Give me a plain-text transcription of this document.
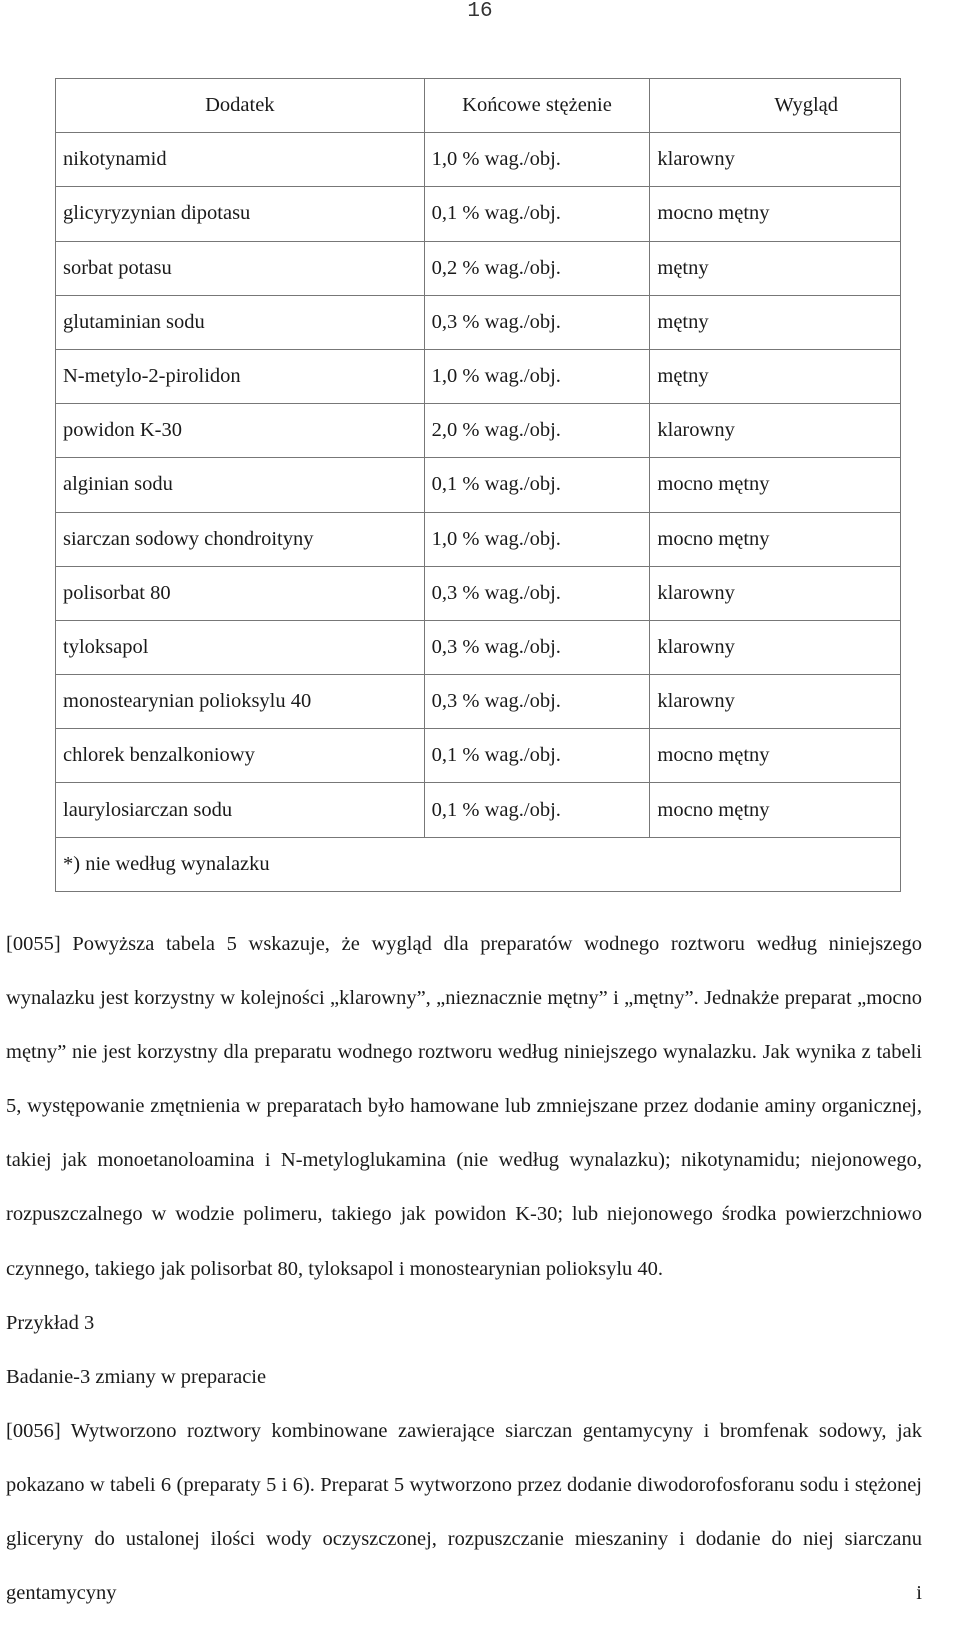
16
Dodatek	Końcowe stężenie	Wygląd
nikotynamid	1,0 % wag./obj.	klarowny
glicyryzynian dipotasu	0,1 % wag./obj.	mocno mętny
sorbat potasu	0,2 % wag./obj.	mętny
glutaminian sodu	0,3 % wag./obj.	mętny
N-metylo-2-pirolidon	1,0 % wag./obj.	mętny
powidon K-30	2,0 % wag./obj.	klarowny
alginian sodu	0,1 % wag./obj.	mocno mętny
siarczan sodowy chondroityny	1,0 % wag./obj.	mocno mętny
polisorbat 80	0,3 % wag./obj.	klarowny
tyloksapol	0,3 % wag./obj.	klarowny
monostearynian polioksylu 40	0,3 % wag./obj.	klarowny
chlorek benzalkoniowy	0,1 % wag./obj.	mocno mętny
laurylosiarczan sodu	0,1 % wag./obj.	mocno mętny
*) nie według wynalazku		

[0055] Powyższa tabela 5 wskazuje, że wygląd dla preparatów wodnego roztworu według niniejszego wynalazku jest korzystny w kolejności „klarowny”, „nieznacznie mętny” i „mętny”. Jednakże preparat „mocno mętny” nie jest korzystny dla preparatu wodnego roztworu według niniejszego wynalazku. Jak wynika z tabeli 5, występowanie zmętnienia w preparatach było hamowane lub zmniejszane przez dodanie aminy organicznej, takiej jak monoetanoloamina i N-metyloglukamina (nie według wynalazku); nikotynamidu; niejonowego, rozpuszczalnego w wodzie polimeru, takiego jak powidon K-30; lub niejonowego środka powierzchniowo czynnego, takiego jak polisorbat 80, tyloksapol i monostearynian polioksylu 40.

Przykład 3

Badanie-3 zmiany w preparacie

[0056] Wytworzono roztwory kombinowane zawierające siarczan gentamycyny i bromfenak sodowy, jak pokazano w tabeli 6 (preparaty 5 i 6). Preparat 5 wytworzono przez dodanie diwodorofosforanu sodu i stężonej gliceryny do ustalonej ilości wody oczyszczonej, rozpuszczanie mieszaniny i dodanie do niej siarczanu gentamycyny i
